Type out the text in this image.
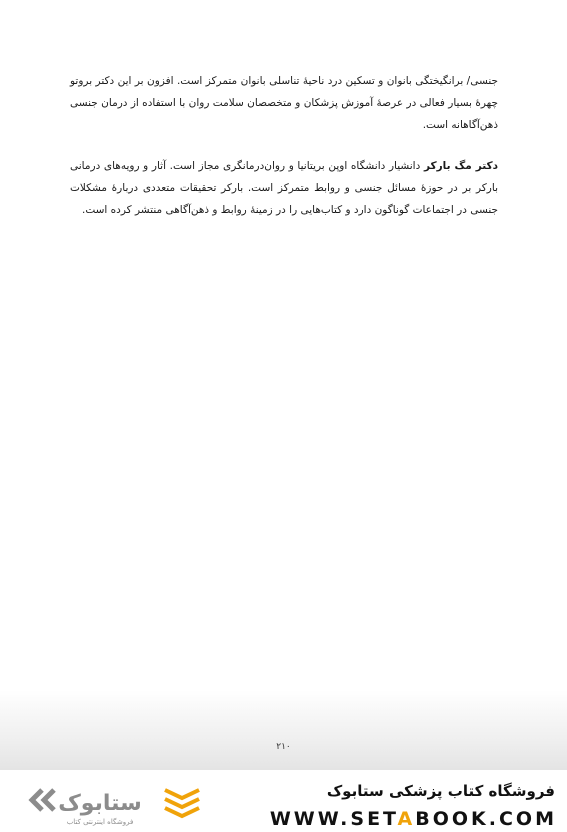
جنسی/ برانگیختگی بانوان و تسکین درد ناحیهٔ تناسلی بانوان متمرکز است. افزون بر این دکتر بروتو چهرهٔ بسیار فعالی در عرصهٔ آموزش پزشکان و متخصصان سلامت روان با استفاده از درمان جنسی ذهن‌آگاهانه است.
دکتر مگ بارکر دانشیار دانشگاه اوپن بریتانیا و روان‌درمانگری مجاز است. آثار و رویه‌های درمانی بارکر بر در حوزهٔ مسائل جنسی و روابط متمرکز است. بارکر تحقیقات متعددی دربارهٔ مشکلات جنسی در اجتماعات گوناگون دارد و کتاب‌هایی را در زمینهٔ روابط و ذهن‌آگاهی منتشر کرده است.
۲۱۰
ستابوک
فروشگاه اینترنتی کتاب
فروشگاه کتاب پزشکی ستابوک
WWW.SETABOOK.COM
